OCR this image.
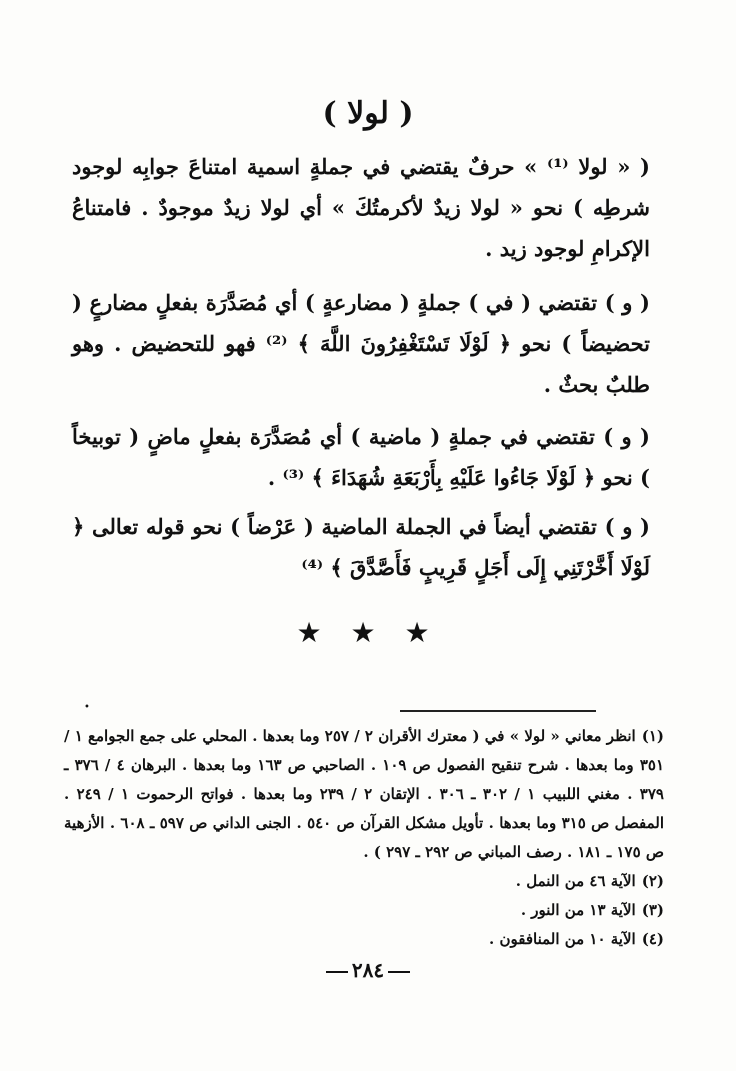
( لولا )
( « لولا ⁽¹⁾ » حرفٌ يقتضي في جملةٍ اسمية امتناعَ جوابِه لوجود شرطِه ) نحو « لولا زيدٌ لأكرمتُكَ » أي لولا زيدٌ موجودٌ . فامتناعُ الإكرامِ لوجود زيد .
( و ) تقتضي ( في ) جملةٍ ( مضارعةٍ ) أي مُصَدَّرَة بفعلٍ مضارعٍ ( تحضيضاً ) نحو ﴿ لَوْلَا تَسْتَغْفِرُونَ اللَّهَ ﴾ ⁽²⁾ فهو للتحضيض . وهو طلبٌ بحثٌ .
( و ) تقتضي في جملةٍ ( ماضية ) أي مُصَدَّرَة بفعلٍ ماضٍ ( توبيخاً ) نحو ﴿ لَوْلَا جَاءُوا عَلَيْهِ بِأَرْبَعَةِ شُهَدَاءَ ﴾ ⁽³⁾ .
( و ) تقتضي أيضاً في الجملة الماضية ( عَرْضاً ) نحو قوله تعالى ﴿ لَوْلَا أَخَّرْتَنِي إِلَى أَجَلٍ قَرِيبٍ فَأَصَّدَّقَ ﴾ ⁽⁴⁾
★ ★ ★
•

(١)انظر معاني « لولا » في ( معترك الأقران ٢ / ٢٥٧ وما بعدها . المحلي على جمع الجوامع ١ / ٣٥١ وما بعدها . شرح تنقيح الفصول ص ١٠٩ . الصاحبي ص ١٦٣ وما بعدها . البرهان ٤ / ٣٧٦ ـ ٣٧٩ . مغني اللبيب ١ / ٣٠٢ ـ ٣٠٦ . الإتقان ٢ / ٢٣٩ وما بعدها . فواتح الرحموت ١ / ٢٤٩ . المفصل ص ٣١٥ وما بعدها . تأويل مشكل القرآن ص ٥٤٠ . الجنى الداني ص ٥٩٧ ـ ٦٠٨ . الأزهية ص ١٧٥ ـ ١٨١ . رصف المباني ص ٢٩٢ ـ ٢٩٧ ) .

(٢)الآية ٤٦ من النمل .

(٣)الآية ١٣ من النور .

(٤)الآية ١٠ من المنافقون .

٢٨٤
